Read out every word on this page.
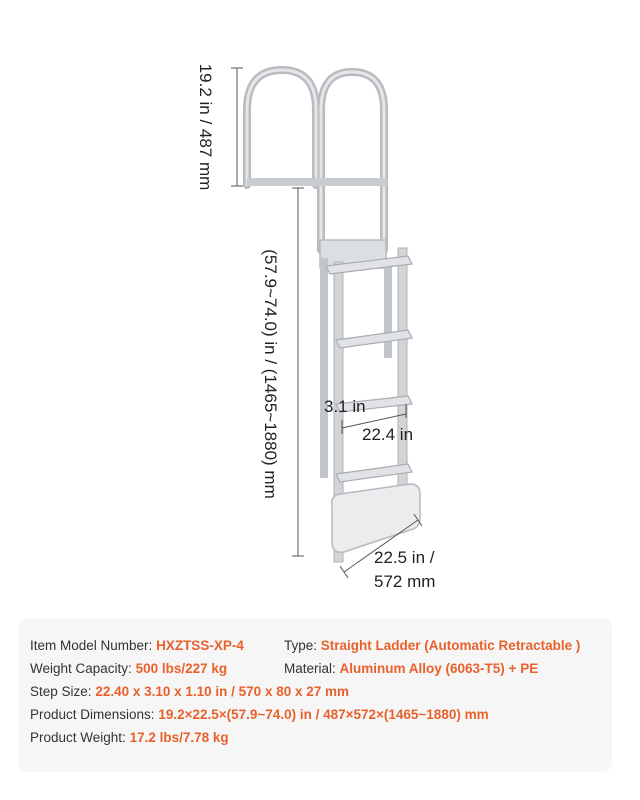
19.2 in / 487 mm
(57.9~74.0) in / (1465~1880) mm	3.1 in
22.4 in
22.5 in /
572 mm
Item Model Number: HXZTSS-XP-4	Type: Straight Ladder (Automatic Retractable )
Weight Capacity: 500 lbs/227 kg	Material: Aluminum Alloy (6063-T5) + PE
Step Size: 22.40 x 3.10 x 1.10 in / 570 x 80 x 27 mm
Product Dimensions: 19.2×22.5×(57.9~74.0) in / 487×572×(1465~1880) mm
Product Weight: 17.2 lbs/7.78 kg
